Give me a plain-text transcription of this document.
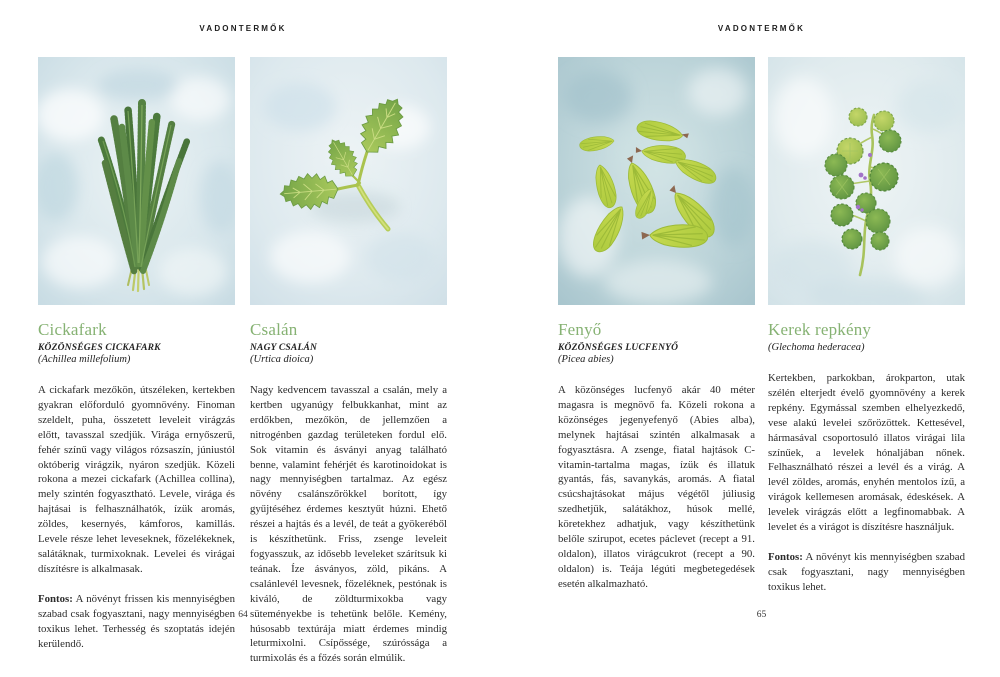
VADONTERMŐK
Cickafark
KÖZÖNSÉGES CICKAFARK
(Achillea millefolium)

A cickafark mezőkön, útszéleken, kertekben gyakran előforduló gyomnövény. Finoman szeldelt, puha, összetett leveleit virágzás előtt, tavasszal szedjük. Virága ernyőszerű, fehér színű vagy világos rózsaszín, júniustól októberig virágzik, nyáron szedjük. Közeli rokona a mezei cickafark (Achillea collina), mely szintén fogyasztható. Levele, virága és hajtásai is felhasználhatók, ízük aromás, zöldes, kesernyés, kámforos, kamillás. Levele része lehet leveseknek, főzelékeknek, salátáknak, turmixoknak. Levelei és virágai díszítésre is alkalmasak.

Fontos: A növényt frissen kis mennyiségben szabad csak fogyasztani, nagy mennyiségben toxikus lehet. Terhesség és szoptatás idején kerülendő.

Csalán
NAGY CSALÁN
(Urtica dioica)

Nagy kedvencem tavasszal a csalán, mely a kertben ugyanúgy felbukkanhat, mint az erdőkben, mezőkön, de jellemzően a nitrogénben gazdag területeken fordul elő. Sok vitamin és ásványi anyag található benne, valamint fehérjét és karotinoidokat is nagy mennyiségben tartalmaz. Az egész növény csalánszőrökkel borított, így gyűjtéséhez érdemes kesztyűt húzni. Ehető részei a hajtás és a levél, de teát a gyökeréből is készíthetünk. Friss, zsenge leveleit fogyasszuk, az idősebb leveleket szárítsuk ki teának. Íze ásványos, zöld, pikáns. A csalánlevél levesnek, főzeléknek, pestónak is kiváló, de zöldturmixokba vagy süteményekbe is tehetünk belőle. Kemény, húsosabb textúrája miatt érdemes mindig leturmixolni. Csípőssége, szúróssága a turmixolás és a főzés során elmúlik.

64
VADONTERMŐK
Fenyő
KÖZÖNSÉGES LUCFENYŐ
(Picea abies)

A közönséges lucfenyő akár 40 méter magasra is megnövő fa. Közeli rokona a közönséges jegenyefenyő (Abies alba), melynek hajtásai szintén alkalmasak a fogyasztásra. A zsenge, fiatal hajtások C-vitamin-tartalma magas, ízük és illatuk gyantás, fás, savanykás, aromás. A fiatal csúcshajtásokat május végétől júliusig szedhetjük, salátákhoz, húsok mellé, köretekhez adhatjuk, vagy készíthetünk belőle szirupot, ecetes páclevet (recept a 91. oldalon), illatos virágcukrot (recept a 90. oldalon) is. Teája légúti megbetegedések esetén alkalmazható.

Kerek repkény
(Glechoma hederacea)

Kertekben, parkokban, árokparton, utak szélén elterjedt évelő gyomnövény a kerek repkény. Egymással szemben elhelyezkedő, vese alakú levelei szőrözöttek. Kettesével, hármasával csoportosuló illatos virágai lila színűek, a levelek hónaljában nőnek. Felhasználható részei a levél és a virág. A levél zöldes, aromás, enyhén mentolos ízű, a virágok kellemesen aromásak, édeskések. A levelek virágzás előtt a legfinomabbak. A levelet és a virágot is díszítésre használjuk.

Fontos: A növényt kis mennyiségben szabad csak fogyasztani, nagy mennyiségben toxikus lehet.

65
